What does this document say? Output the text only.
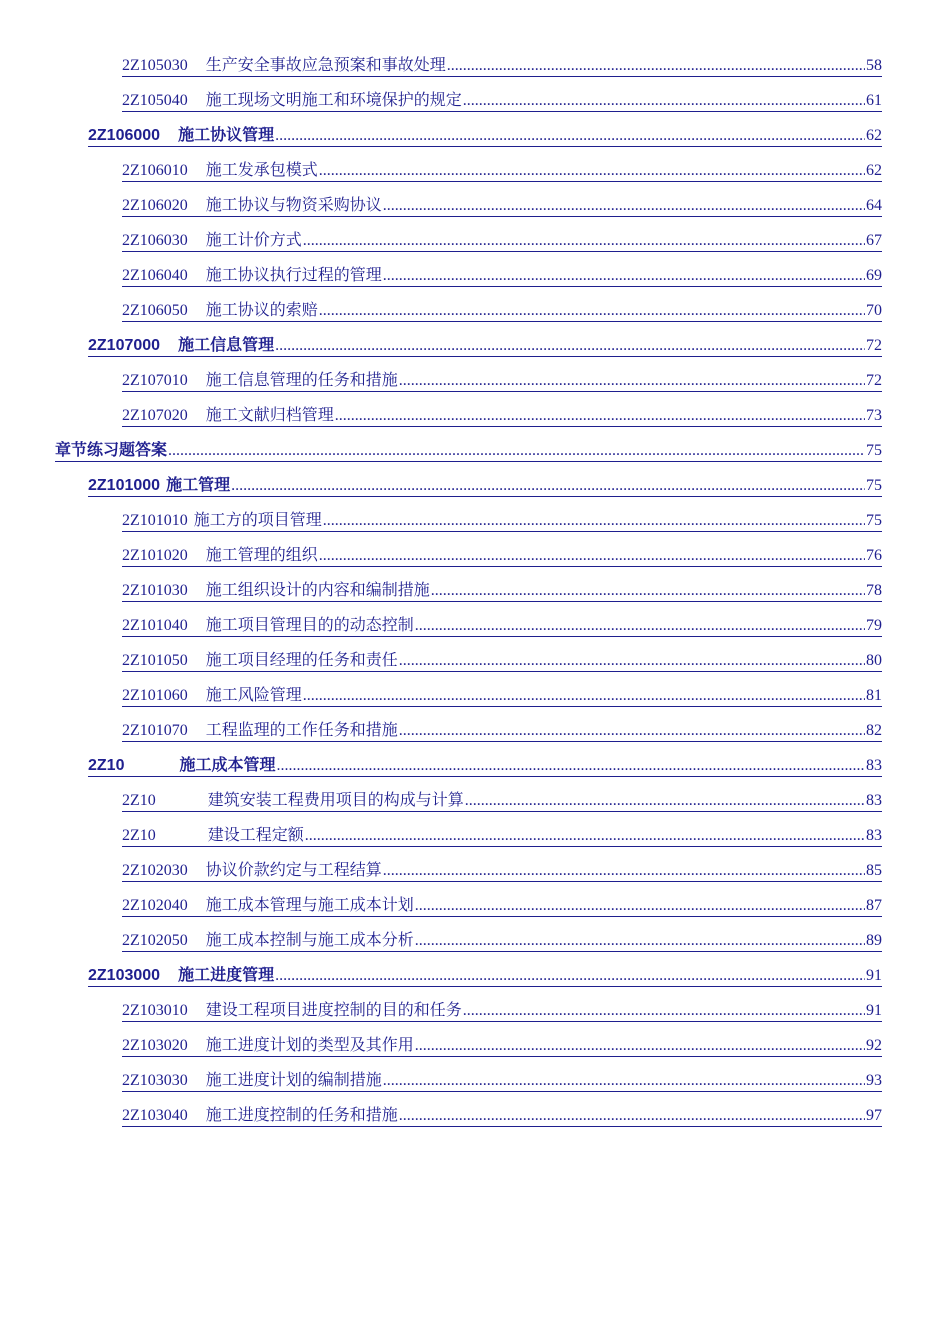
2Z105030 生产安全事故应急预案和事故处理 .....	58
2Z105040 施工现场文明施工和环境保护的规定 .....	61
2Z106000 施工协议管理 .....	62
2Z106010 施工发承包模式 .....	62
2Z106020 施工协议与物资采购协议 .....	64
2Z106030 施工计价方式 .....	67
2Z106040 施工协议执行过程的管理 .....	69
2Z106050 施工协议的索赔 .....	70
2Z107000 施工信息管理 .....	72
2Z107010 施工信息管理的任务和措施 .....	72
2Z107020 施工文献归档管理 .....	73
章节练习题答案 .....	75
2Z101000 施工管理 .....	75
2Z101010 施工方的项目管理 .....	75
2Z101020 施工管理的组织 .....	76
2Z101030 施工组织设计的内容和编制措施 .....	78
2Z101040 施工项目管理目的的动态控制 .....	79
2Z101050 施工项目经理的任务和责任 .....	80
2Z101060 施工风险管理 .....	81
2Z101070 工程监理的工作任务和措施 .....	82
2Z10	施工成本管理 .....	83
2Z10	建筑安装工程费用项目的构成与计算 .....	83
2Z10	建设工程定额 .....	83
2Z102030 协议价款约定与工程结算 .....	85
2Z102040 施工成本管理与施工成本计划 .....	87
2Z102050 施工成本控制与施工成本分析 .....	89
2Z103000 施工进度管理 .....	91
2Z103010 建设工程项目进度控制的目的和任务 .....	91
2Z103020 施工进度计划的类型及其作用 .....	92
2Z103030 施工进度计划的编制措施 .....	93
2Z103040 施工进度控制的任务和措施 .....	97
